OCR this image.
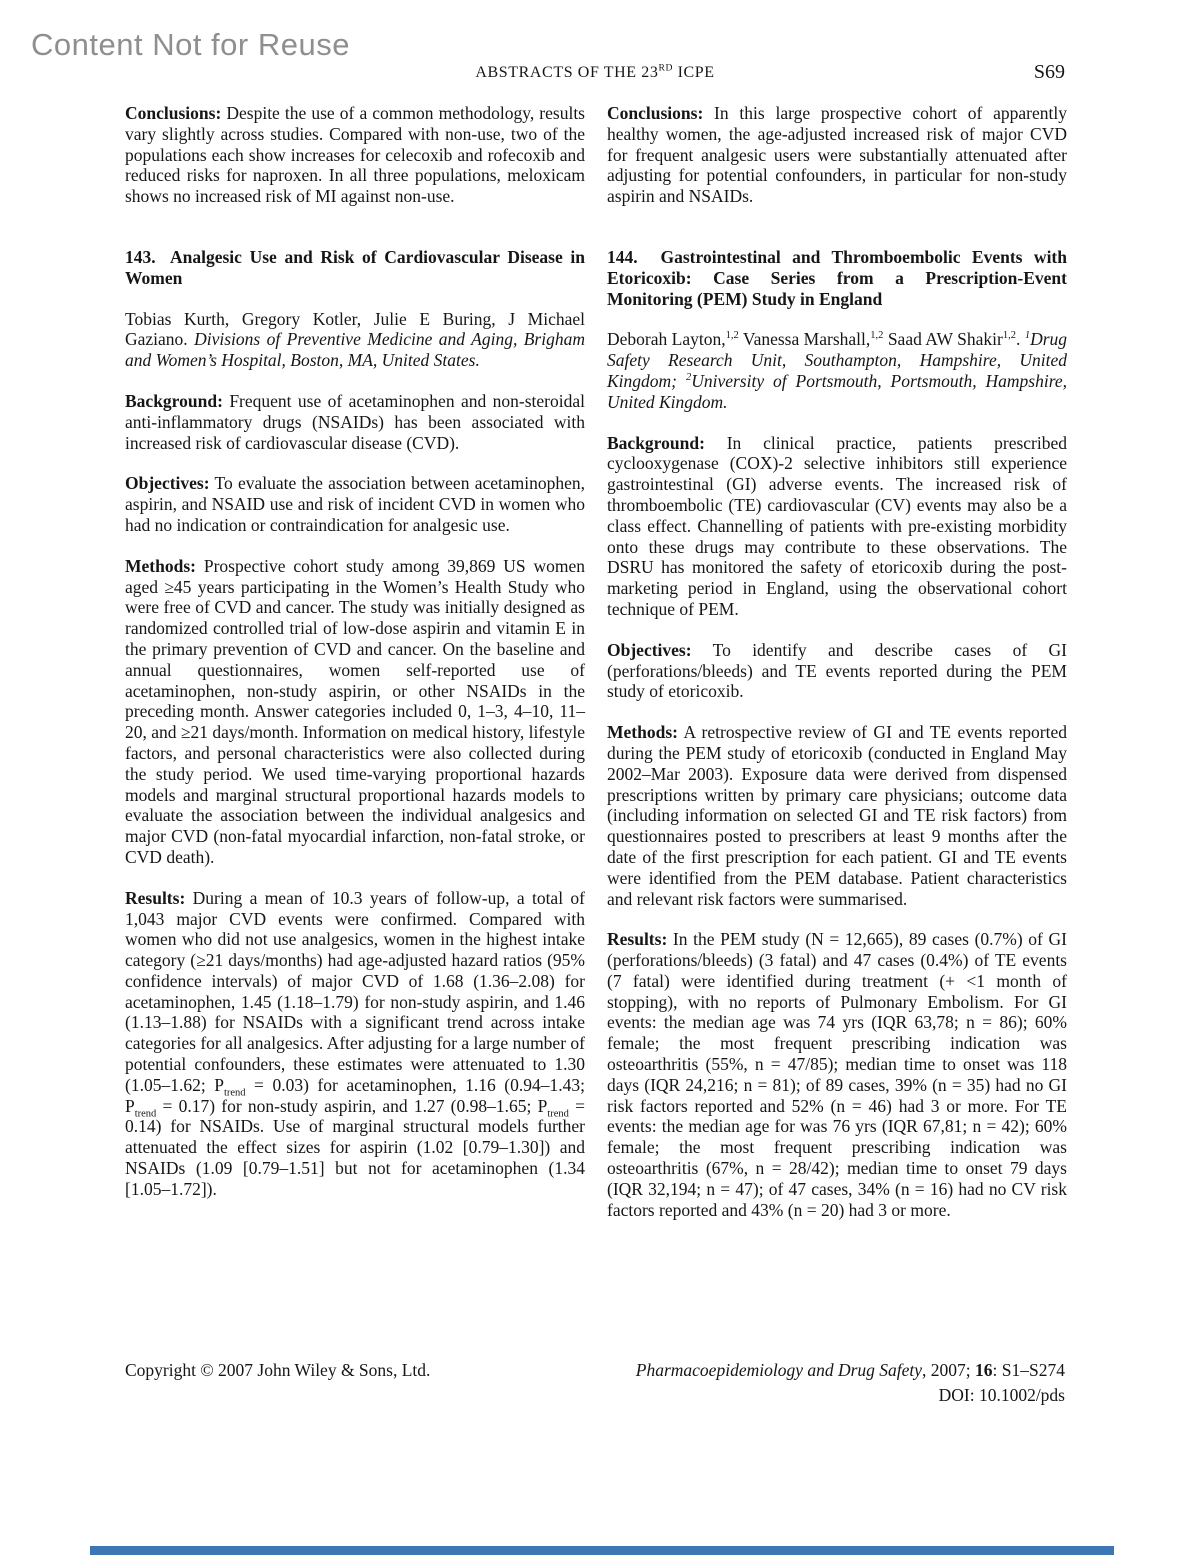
Content Not for Reuse
ABSTRACTS OF THE 23RD ICPE	S69

Conclusions: Despite the use of a common methodology, results vary slightly across studies. Compared with non-use, two of the populations each show increases for celecoxib and rofecoxib and reduced risks for naproxen. In all three populations, meloxicam shows no increased risk of MI against non-use.

143.  Analgesic Use and Risk of Cardiovascular Disease in Women

Tobias Kurth, Gregory Kotler, Julie E Buring, J Michael Gaziano. Divisions of Preventive Medicine and Aging, Brigham and Women’s Hospital, Boston, MA, United States.

Background: Frequent use of acetaminophen and non-steroidal anti-inflammatory drugs (NSAIDs) has been associated with increased risk of cardiovascular disease (CVD).

Objectives: To evaluate the association between acetaminophen, aspirin, and NSAID use and risk of incident CVD in women who had no indication or contraindication for analgesic use.

Methods: Prospective cohort study among 39,869 US women aged ≥45 years participating in the Women’s Health Study who were free of CVD and cancer. The study was initially designed as randomized controlled trial of low-dose aspirin and vitamin E in the primary prevention of CVD and cancer. On the baseline and annual questionnaires, women self-reported use of acetaminophen, non-study aspirin, or other NSAIDs in the preceding month. Answer categories included 0, 1–3, 4–10, 11–20, and ≥21 days/month. Information on medical history, lifestyle factors, and personal characteristics were also collected during the study period. We used time-varying proportional hazards models and marginal structural proportional hazards models to evaluate the association between the individual analgesics and major CVD (non-fatal myocardial infarction, non-fatal stroke, or CVD death).

Results: During a mean of 10.3 years of follow-up, a total of 1,043 major CVD events were confirmed. Compared with women who did not use analgesics, women in the highest intake category (≥21 days/months) had age-adjusted hazard ratios (95% confidence intervals) of major CVD of 1.68 (1.36–2.08) for acetaminophen, 1.45 (1.18–1.79) for non-study aspirin, and 1.46 (1.13–1.88) for NSAIDs with a significant trend across intake categories for all analgesics. After adjusting for a large number of potential confounders, these estimates were attenuated to 1.30 (1.05–1.62; $P_{trend} = 0.03$) for acetaminophen, 1.16 (0.94–1.43; $P_{trend} = 0.17$) for non-study aspirin, and 1.27 (0.98–1.65; $P_{trend} = 0.14$) for NSAIDs. Use of marginal structural models further attenuated the effect sizes for aspirin (1.02 [0.79–1.30]) and NSAIDs (1.09 [0.79–1.51] but not for acetaminophen (1.34 [1.05–1.72]).

Conclusions: In this large prospective cohort of apparently healthy women, the age-adjusted increased risk of major CVD for frequent analgesic users were substantially attenuated after adjusting for potential confounders, in particular for non-study aspirin and NSAIDs.

144.  Gastrointestinal and Thromboembolic Events with Etoricoxib: Case Series from a Prescription-Event Monitoring (PEM) Study in England

Deborah Layton,$^{1,2}$ Vanessa Marshall,$^{1,2}$ Saad AW Shakir$^{1,2}$. $^1$Drug Safety Research Unit, Southampton, Hampshire, United Kingdom; $^2$University of Portsmouth, Portsmouth, Hampshire, United Kingdom.

Background: In clinical practice, patients prescribed cyclooxygenase (COX)-2 selective inhibitors still experience gastrointestinal (GI) adverse events. The increased risk of thromboembolic (TE) cardiovascular (CV) events may also be a class effect. Channelling of patients with pre-existing morbidity onto these drugs may contribute to these observations. The DSRU has monitored the safety of etoricoxib during the post-marketing period in England, using the observational cohort technique of PEM.

Objectives: To identify and describe cases of GI (perforations/bleeds) and TE events reported during the PEM study of etoricoxib.

Methods: A retrospective review of GI and TE events reported during the PEM study of etoricoxib (conducted in England May 2002–Mar 2003). Exposure data were derived from dispensed prescriptions written by primary care physicians; outcome data (including information on selected GI and TE risk factors) from questionnaires posted to prescribers at least 9 months after the date of the first prescription for each patient. GI and TE events were identified from the PEM database. Patient characteristics and relevant risk factors were summarised.

Results: In the PEM study (N = 12,665), 89 cases (0.7%) of GI (perforations/bleeds) (3 fatal) and 47 cases (0.4%) of TE events (7 fatal) were identified during treatment (+ <1 month of stopping), with no reports of Pulmonary Embolism. For GI events: the median age was 74 yrs (IQR 63,78; n = 86); 60% female; the most frequent prescribing indication was osteoarthritis (55%, n = 47/85); median time to onset was 118 days (IQR 24,216; n = 81); of 89 cases, 39% (n = 35) had no GI risk factors reported and 52% (n = 46) had 3 or more. For TE events: the median age for was 76 yrs (IQR 67,81; n = 42); 60% female; the most frequent prescribing indication was osteoarthritis (67%, n = 28/42); median time to onset 79 days (IQR 32,194; n = 47); of 47 cases, 34% (n = 16) had no CV risk factors reported and 43% (n = 20) had 3 or more.

Copyright © 2007 John Wiley & Sons, Ltd.	Pharmacoepidemiology and Drug Safety, 2007; 16: S1–S274
DOI: 10.1002/pds
